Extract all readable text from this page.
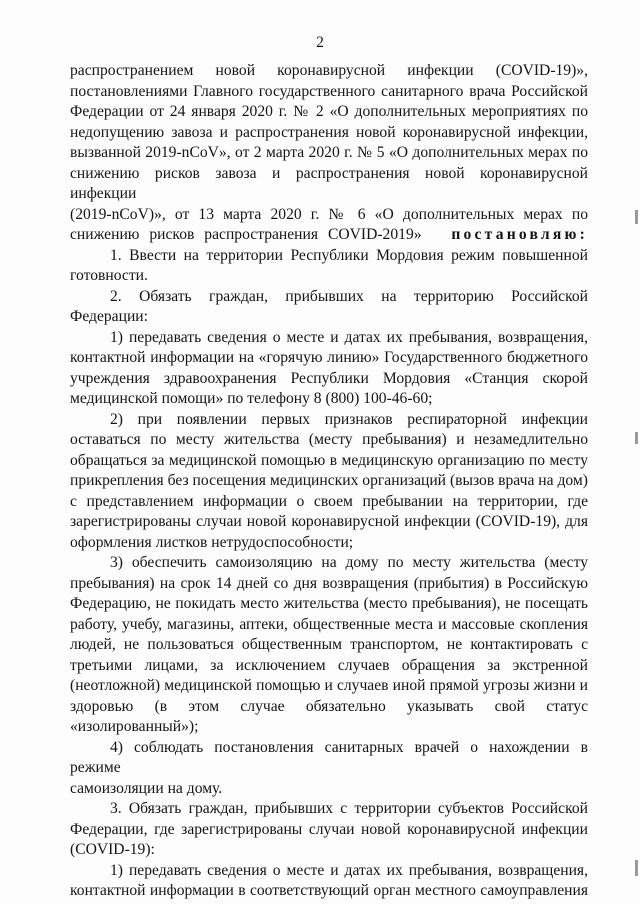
2
распространением новой коронавирусной инфекции (COVID-19)»,
постановлениями Главного государственного санитарного врача Российской
Федерации от 24 января 2020 г. № 2 «О дополнительных мероприятиях по
недопущению завоза и распространения новой коронавирусной инфекции,
вызванной 2019-nCoV», от 2 марта 2020 г. № 5 «О дополнительных мерах по
снижению рисков завоза и распространения новой коронавирусной инфекции
(2019-nCoV)», от 13 марта 2020 г. № 6 «О дополнительных мерах по
снижению рисков распространения COVID-2019» постановляю:
1. Ввести на территории Республики Мордовия режим повышенной
готовности.
2. Обязать граждан, прибывших на территорию Российской
Федерации:
1) передавать сведения о месте и датах их пребывания, возвращения,
контактной информации на «горячую линию» Государственного бюджетного
учреждения здравоохранения Республики Мордовия «Станция скорой
медицинской помощи» по телефону 8 (800) 100-46-60;
2) при появлении первых признаков респираторной инфекции
оставаться по месту жительства (месту пребывания) и незамедлительно
обращаться за медицинской помощью в медицинскую организацию по месту
прикрепления без посещения медицинских организаций (вызов врача на дом)
с представлением информации о своем пребывании на территории, где
зарегистрированы случаи новой коронавирусной инфекции (COVID-19), для
оформления листков нетрудоспособности;
3) обеспечить самоизоляцию на дому по месту жительства (месту
пребывания) на срок 14 дней со дня возвращения (прибытия) в Российскую
Федерацию, не покидать место жительства (место пребывания), не посещать
работу, учебу, магазины, аптеки, общественные места и массовые скопления
людей, не пользоваться общественным транспортом, не контактировать с
третьими лицами, за исключением случаев обращения за экстренной
(неотложной) медицинской помощью и случаев иной прямой угрозы жизни и
здоровью (в этом случае обязательно указывать свой статус
«изолированный»);
4) соблюдать постановления санитарных врачей о нахождении в режиме
самоизоляции на дому.
3. Обязать граждан, прибывших с территории субъектов Российской
Федерации, где зарегистрированы случаи новой коронавирусной инфекции
(COVID-19):
1) передавать сведения о месте и датах их пребывания, возвращения,
контактной информации в соответствующий орган местного самоуправления
